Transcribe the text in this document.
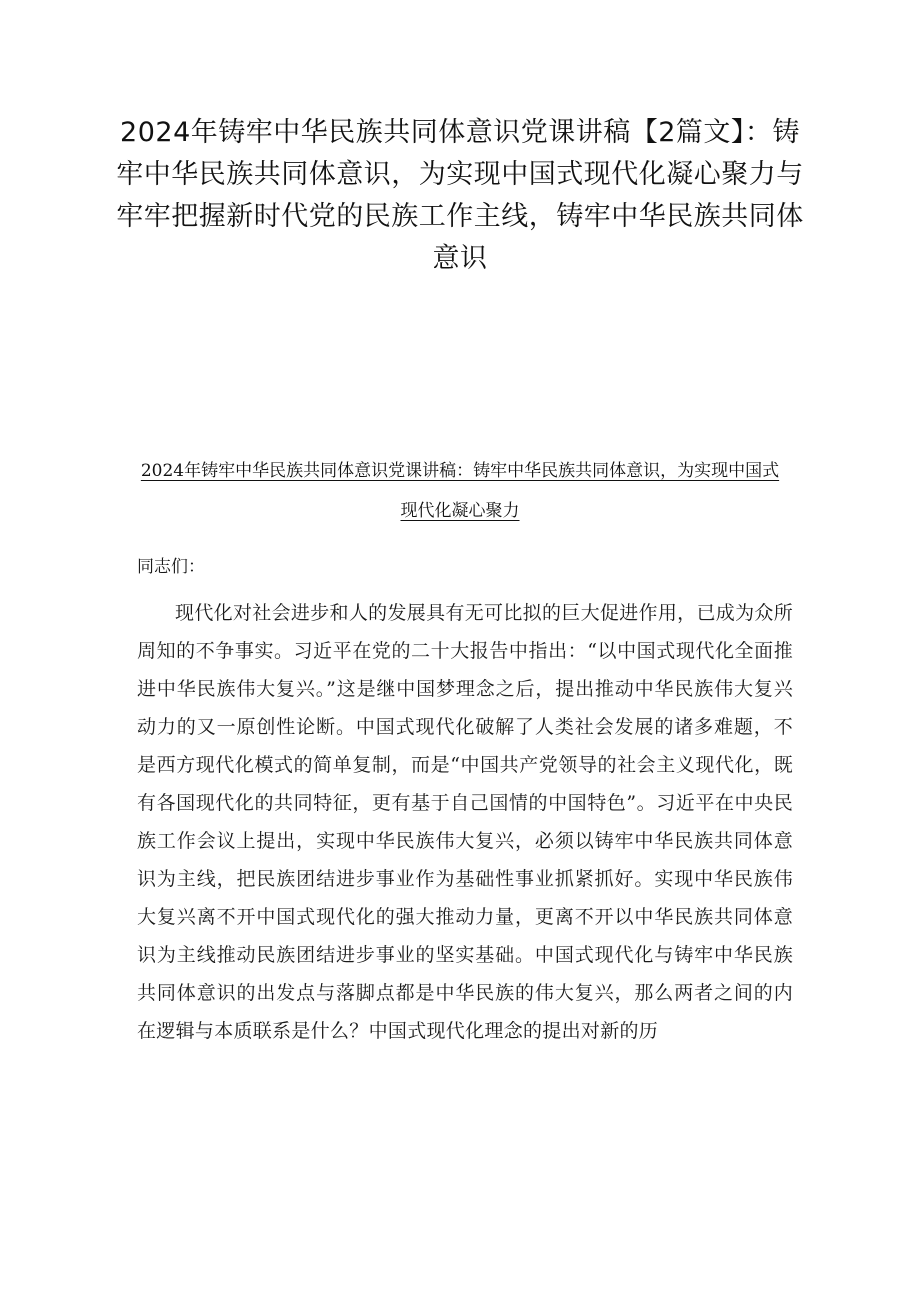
2024年铸牢中华民族共同体意识党课讲稿【2篇文】：铸牢中华民族共同体意识，为实现中国式现代化凝心聚力与牢牢把握新时代党的民族工作主线，铸牢中华民族共同体意识
2024年铸牢中华民族共同体意识党课讲稿：铸牢中华民族共同体意识，为实现中国式现代化凝心聚力

同志们：

现代化对社会进步和人的发展具有无可比拟的巨大促进作用，已成为众所周知的不争事实。习近平在党的二十大报告中指出：“以中国式现代化全面推进中华民族伟大复兴。”这是继中国梦理念之后，提出推动中华民族伟大复兴动力的又一原创性论断。中国式现代化破解了人类社会发展的诸多难题，不是西方现代化模式的简单复制，而是“中国共产党领导的社会主义现代化，既有各国现代化的共同特征，更有基于自己国情的中国特色”。习近平在中央民族工作会议上提出，实现中华民族伟大复兴，必须以铸牢中华民族共同体意识为主线，把民族团结进步事业作为基础性事业抓紧抓好。实现中华民族伟大复兴离不开中国式现代化的强大推动力量，更离不开以中华民族共同体意识为主线推动民族团结进步事业的坚实基础。中国式现代化与铸牢中华民族共同体意识的出发点与落脚点都是中华民族的伟大复兴，那么两者之间的内在逻辑与本质联系是什么？中国式现代化理念的提出对新的历
